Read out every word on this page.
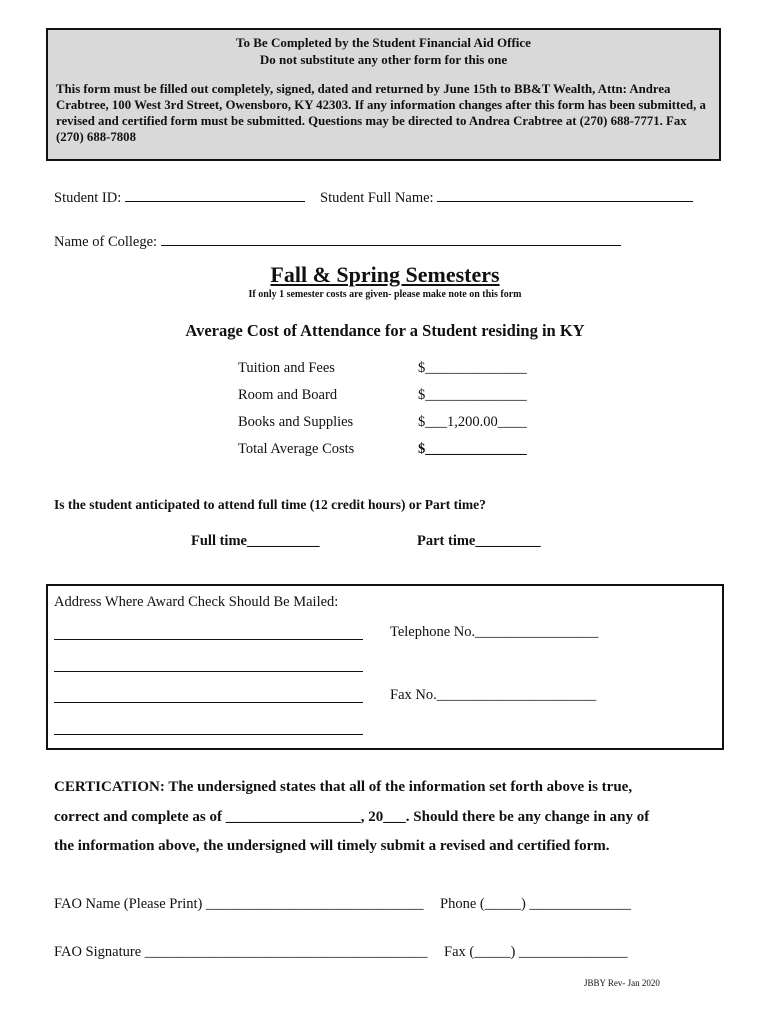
To Be Completed by the Student Financial Aid Office
Do not substitute any other form for this one
This form must be filled out completely, signed, dated and returned by June 15th to BB&T Wealth, Attn: Andrea Crabtree, 100 West 3rd Street, Owensboro, KY 42303. If any information changes after this form has been submitted, a revised and certified form must be submitted. Questions may be directed to Andrea Crabtree at (270) 688-7771. Fax (270) 688-7808
Student ID:	Student Full Name:
Name of College:
Fall & Spring Semesters
If only 1 semester costs are given- please make note on this form
Average Cost of Attendance for a Student residing in KY
Tuition and Fees	$______________
Room and Board	$______________
Books and Supplies	$___1,200.00____
Total Average Costs	$______________
Is the student anticipated to attend full time (12 credit hours) or Part time?
Full time__________	Part time_________
Address Where Award Check Should Be Mailed:
Telephone No._________________
Fax No.______________________
CERTICATION: The undersigned states that all of the information set forth above is true,
correct and complete as of __________________, 20___. Should there be any change in any of
the information above, the undersigned will timely submit a revised and certified form.
FAO Name (Please Print) ______________________________ Phone (_____) ______________
FAO Signature _______________________________________ Fax (_____) _______________
JBBY Rev- Jan 2020
